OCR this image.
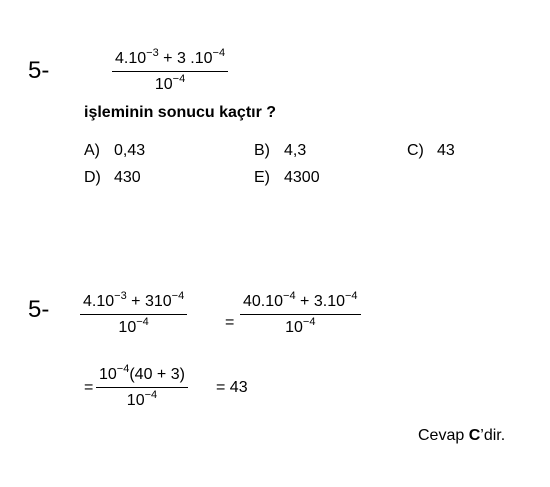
5-	$\frac{4.10^{-3} + 3 .10^{-4}}{10^{-4}}$
işleminin sonucu kaçtır ?
A) 0,43	B) 4,3	C) 43
D) 430	E) 4300
$5- \frac{4.10^{-3} + 310^{-4}}{10^{-4}} = \frac{40.10^{-4} + 3.10^{-4}}{10^{-4}}$
= $\frac{10^{-4}(40 + 3)}{10^{-4}} = 43$
Cevap C’dir.
